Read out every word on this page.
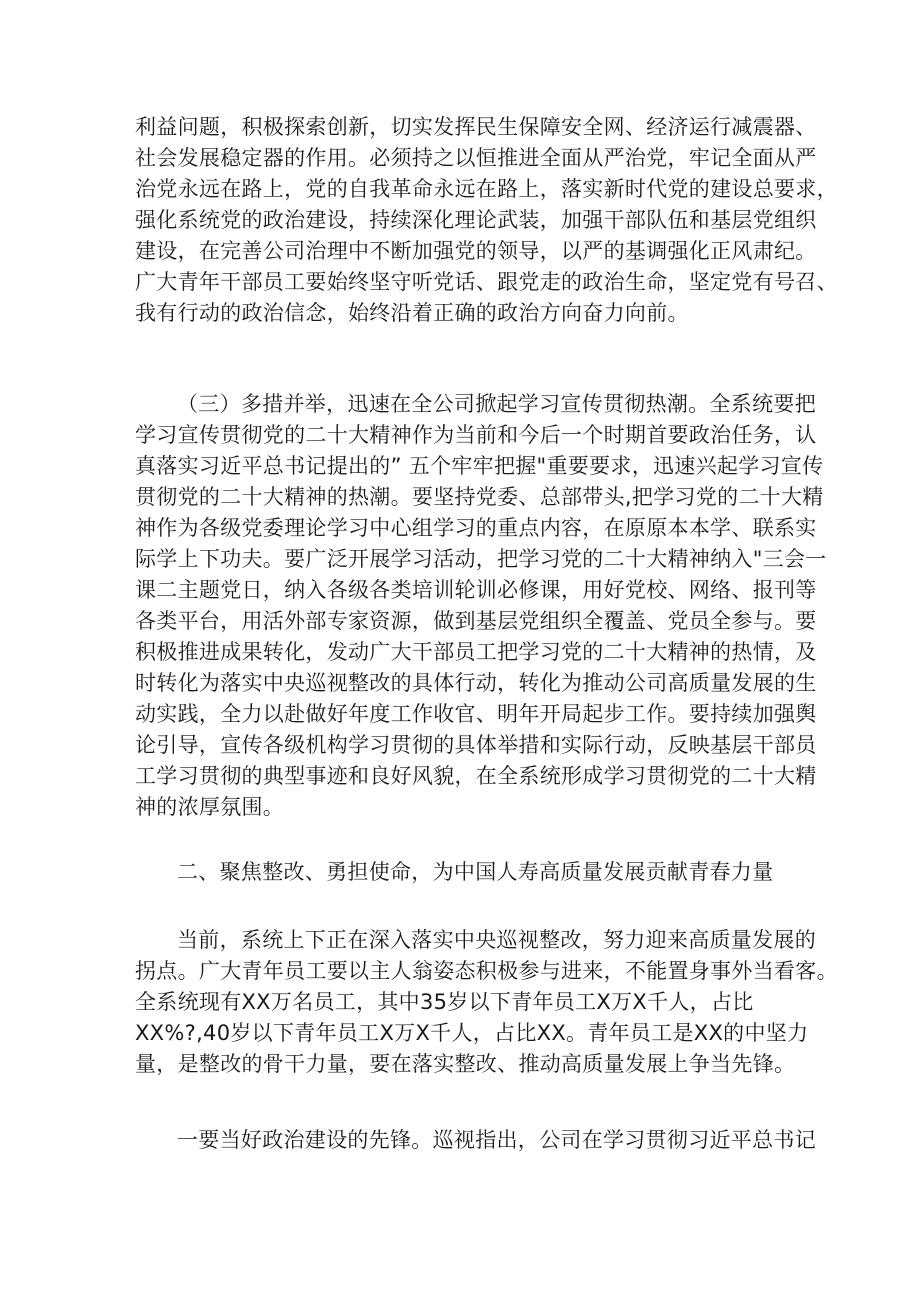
利益问题，积极探索创新，切实发挥民生保障安全网、经济运行减震器、
社会发展稳定器的作用。必须持之以恒推进全面从严治党，牢记全面从严
治党永远在路上，党的自我革命永远在路上，落实新时代党的建设总要求，
强化系统党的政治建设，持续深化理论武装，加强干部队伍和基层党组织
建设，在完善公司治理中不断加强党的领导，以严的基调强化正风肃纪。
广大青年干部员工要始终坚守听党话、跟党走的政治生命，坚定党有号召、
我有行动的政治信念，始终沿着正确的政治方向奋力向前。
（三）多措并举，迅速在全公司掀起学习宣传贯彻热潮。全系统要把
学习宣传贯彻党的二十大精神作为当前和今后一个时期首要政治任务，认
真落实习近平总书记提出的” 五个牢牢把握"重要要求，迅速兴起学习宣传
贯彻党的二十大精神的热潮。要坚持党委、总部带头,把学习党的二十大精
神作为各级党委理论学习中心组学习的重点内容，在原原本本学、联系实
际学上下功夫。要广泛开展学习活动，把学习党的二十大精神纳入"三会一
课二主题党日，纳入各级各类培训轮训必修课，用好党校、网络、报刊等
各类平台，用活外部专家资源，做到基层党组织全覆盖、党员全参与。要
积极推进成果转化，发动广大干部员工把学习党的二十大精神的热情，及
时转化为落实中央巡视整改的具体行动，转化为推动公司高质量发展的生
动实践，全力以赴做好年度工作收官、明年开局起步工作。要持续加强舆
论引导，宣传各级机构学习贯彻的具体举措和实际行动，反映基层干部员
工学习贯彻的典型事迹和良好风貌，在全系统形成学习贯彻党的二十大精
神的浓厚氛围。
二、聚焦整改、勇担使命，为中国人寿高质量发展贡献青春力量
当前，系统上下正在深入落实中央巡视整改，努力迎来高质量发展的
拐点。广大青年员工要以主人翁姿态积极参与进来，不能置身事外当看客。
全系统现有XX万名员工，其中35岁以下青年员工X万X千人，占比
XX%?,40岁以下青年员工X万X千人，占比XX。青年员工是XX的中坚力
量，是整改的骨干力量，要在落实整改、推动高质量发展上争当先锋。
一要当好政治建设的先锋。巡视指出，公司在学习贯彻习近平总书记
